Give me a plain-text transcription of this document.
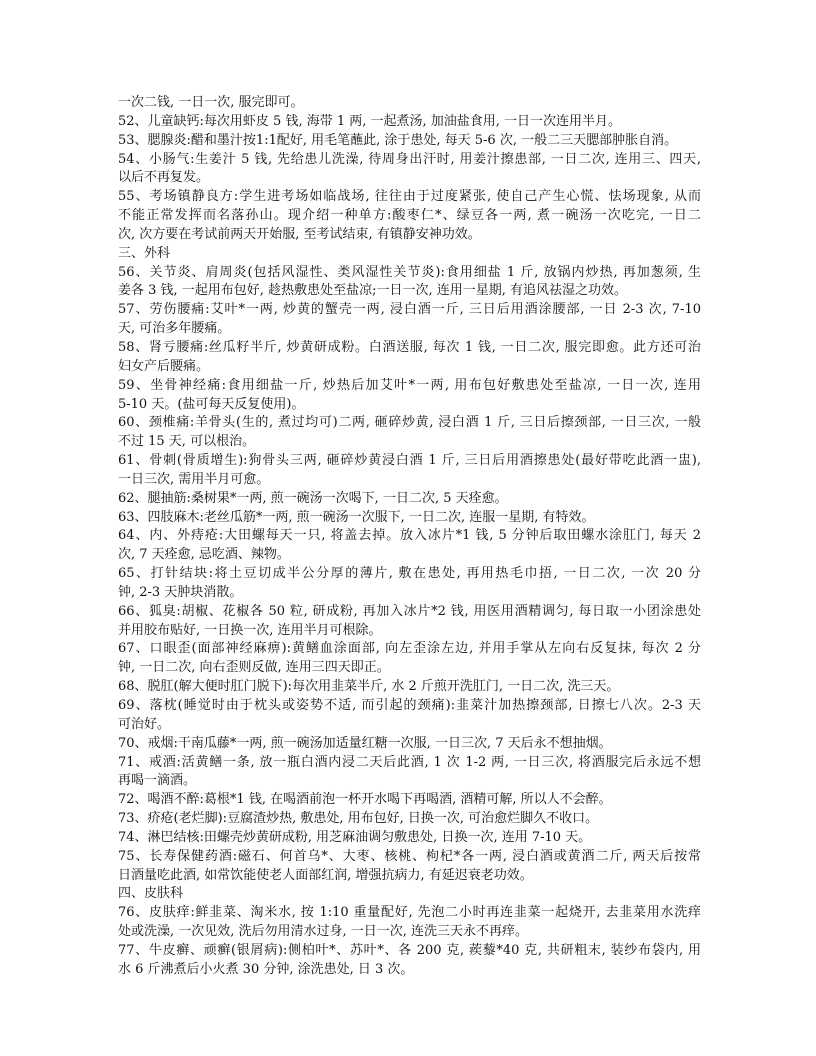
一次二钱, 一日一次, 服完即可。
52、儿童缺钙:每次用虾皮 5 钱, 海带 1 两, 一起煮汤, 加油盐食用, 一日一次连用半月。
53、腮腺炎:醋和墨汁按1:1配好, 用毛笔蘸此, 涂于患处, 每天 5-6 次, 一般二三天腮部肿胀自消。
54、小肠气:生姜汁 5 钱, 先给患儿洗澡, 待周身出汗时, 用姜汁擦患部, 一日二次, 连用三、四天,
以后不再复发。
55、考场镇静良方:学生进考场如临战场, 往往由于过度紧张, 使自己产生心慌、怯场现象, 从而
不能正常发挥而名落孙山。现介绍一种单方:酸枣仁*、绿豆各一两, 煮一碗汤一次吃完, 一日二
次, 次方要在考试前两天开始服, 至考试结束, 有镇静安神功效。
三、外科
56、关节炎、肩周炎(包括风湿性、类风湿性关节炎):食用细盐 1 斤, 放锅内炒热, 再加葱须, 生
姜各 3 钱, 一起用布包好, 趁热敷患处至盐凉;一日一次, 连用一星期, 有追风祛湿之功效。
57、劳伤腰痛:艾叶*一两, 炒黄的蟹壳一两, 浸白酒一斤, 三日后用酒涂腰部, 一日 2-3 次, 7-10
天, 可治多年腰痛。
58、肾亏腰痛:丝瓜籽半斤, 炒黄研成粉。白酒送服, 每次 1 钱, 一日二次, 服完即愈。此方还可治
妇女产后腰痛。
59、坐骨神经痛:食用细盐一斤, 炒热后加艾叶*一两, 用布包好敷患处至盐凉, 一日一次, 连用
5-10 天。(盐可每天反复使用)。
60、颈椎痛:羊骨头(生的, 煮过均可)二两, 砸碎炒黄, 浸白酒 1 斤, 三日后擦颈部, 一日三次, 一般
不过 15 天, 可以根治。
61、骨刺(骨质增生):狗骨头三两, 砸碎炒黄浸白酒 1 斤, 三日后用酒擦患处(最好带吃此酒一盅),
一日三次, 需用半月可愈。
62、腿抽筋:桑树果*一两, 煎一碗汤一次喝下, 一日二次, 5 天痊愈。
63、四肢麻木:老丝瓜筋*一两, 煎一碗汤一次服下, 一日二次, 连服一星期, 有特效。
64、内、外痔疮:大田螺每天一只, 将盖去掉。放入冰片*1 钱, 5 分钟后取田螺水涂肛门, 每天 2
次, 7 天痊愈, 忌吃酒、辣物。
65、打针结块:将土豆切成半公分厚的薄片, 敷在患处, 再用热毛巾捂, 一日二次, 一次 20 分
钟, 2-3 天肿块消散。
66、狐臭:胡椒、花椒各 50 粒, 研成粉, 再加入冰片*2 钱, 用医用酒精调匀, 每日取一小团涂患处
并用胶布贴好, 一日换一次, 连用半月可根除。
67、口眼歪(面部神经麻痹):黄鳝血涂面部, 向左歪涂左边, 并用手掌从左向右反复抹, 每次 2 分
钟, 一日二次, 向右歪则反做, 连用三四天即正。
68、脱肛(解大便时肛门脱下):每次用韭菜半斤, 水 2 斤煎开洗肛门, 一日二次, 洗三天。
69、落枕(睡觉时由于枕头或姿势不适, 而引起的颈痛):韭菜汁加热擦颈部, 日擦七八次。2-3 天
可治好。
70、戒烟:干南瓜藤*一两, 煎一碗汤加适量红糖一次服, 一日三次, 7 天后永不想抽烟。
71、戒酒:活黄鳝一条, 放一瓶白酒内浸二天后此酒, 1 次 1-2 两, 一日三次, 将酒服完后永远不想
再喝一滴酒。
72、喝酒不醉:葛根*1 钱, 在喝酒前泡一杯开水喝下再喝酒, 酒精可解, 所以人不会醉。
73、疥疮(老烂脚):豆腐渣炒热, 敷患处, 用布包好, 日换一次, 可治愈烂脚久不收口。
74、淋巴结核:田螺壳炒黄研成粉, 用芝麻油调匀敷患处, 日换一次, 连用 7-10 天。
75、长寿保健药酒:磁石、何首乌*、大枣、核桃、枸杞*各一两, 浸白酒或黄酒二斤, 两天后按常
日酒量吃此酒, 如常饮能使老人面部红润, 增强抗病力, 有延迟衰老功效。
四、皮肤科
76、皮肤痒:鲜韭菜、淘米水, 按 1:10 重量配好, 先泡二小时再连韭菜一起烧开, 去韭菜用水洗痒
处或洗澡, 一次见效, 洗后勿用清水过身, 一日一次, 连洗三天永不再痒。
77、牛皮癣、顽癣(银屑病):侧柏叶*、苏叶*、各 200 克, 蒺藜*40 克, 共研粗末, 装纱布袋内, 用
水 6 斤沸煮后小火煮 30 分钟, 涂洗患处, 日 3 次。
